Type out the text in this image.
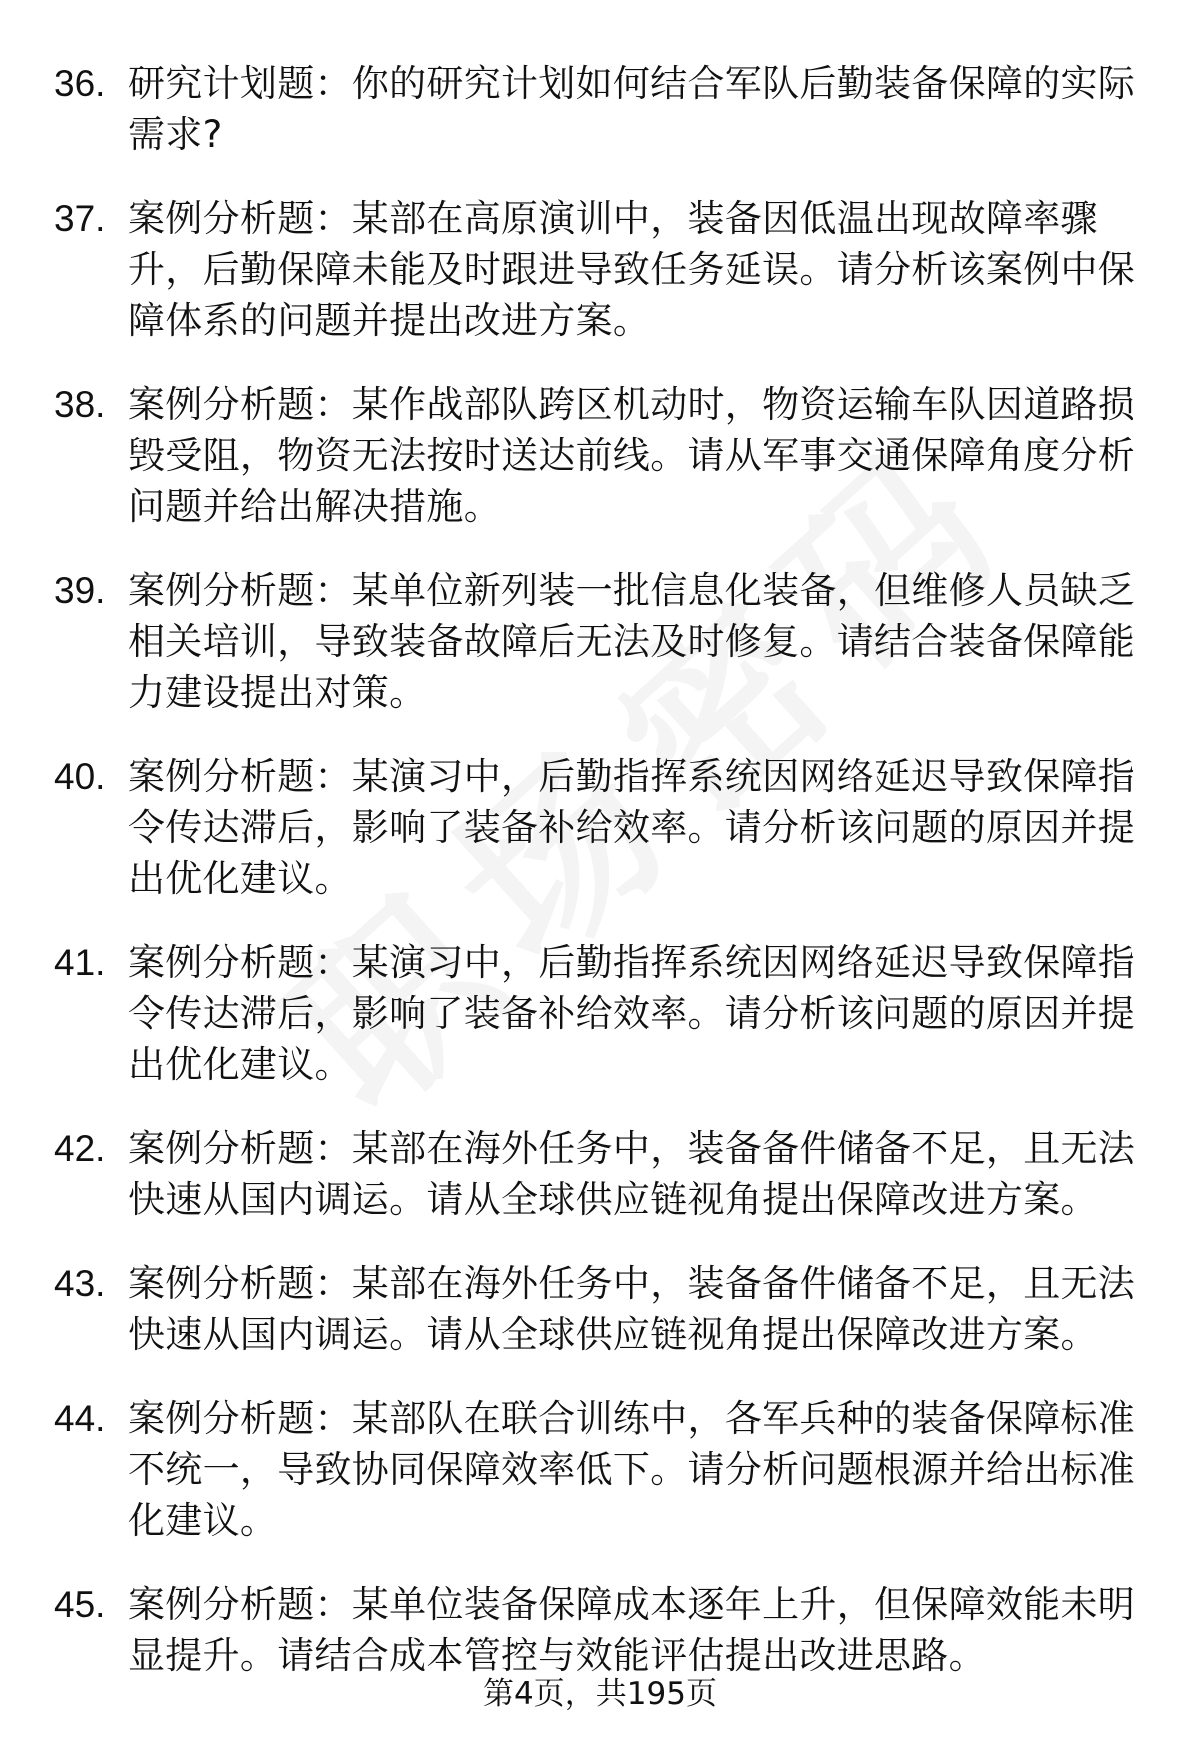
36. 研究计划题：你的研究计划如何结合军队后勤装备保障的实际需求?
37. 案例分析题：某部在高原演训中，装备因低温出现故障率骤升，后勤保障未能及时跟进导致任务延误。请分析该案例中保障体系的问题并提出改进方案。
38. 案例分析题：某作战部队跨区机动时，物资运输车队因道路损毁受阻，物资无法按时送达前线。请从军事交通保障角度分析问题并给出解决措施。
39. 案例分析题：某单位新列装一批信息化装备，但维修人员缺乏相关培训，导致装备故障后无法及时修复。请结合装备保障能力建设提出对策。
40. 案例分析题：某演习中，后勤指挥系统因网络延迟导致保障指令传达滞后，影响了装备补给效率。请分析该问题的原因并提出优化建议。
41. 案例分析题：某演习中，后勤指挥系统因网络延迟导致保障指令传达滞后，影响了装备补给效率。请分析该问题的原因并提出优化建议。
42. 案例分析题：某部在海外任务中，装备备件储备不足，且无法快速从国内调运。请从全球供应链视角提出保障改进方案。
43. 案例分析题：某部在海外任务中，装备备件储备不足，且无法快速从国内调运。请从全球供应链视角提出保障改进方案。
44. 案例分析题：某部队在联合训练中，各军兵种的装备保障标准不统一，导致协同保障效率低下。请分析问题根源并给出标准化建议。
45. 案例分析题：某单位装备保障成本逐年上升，但保障效能未明显提升。请结合成本管控与效能评估提出改进思路。
第4页，共195页
